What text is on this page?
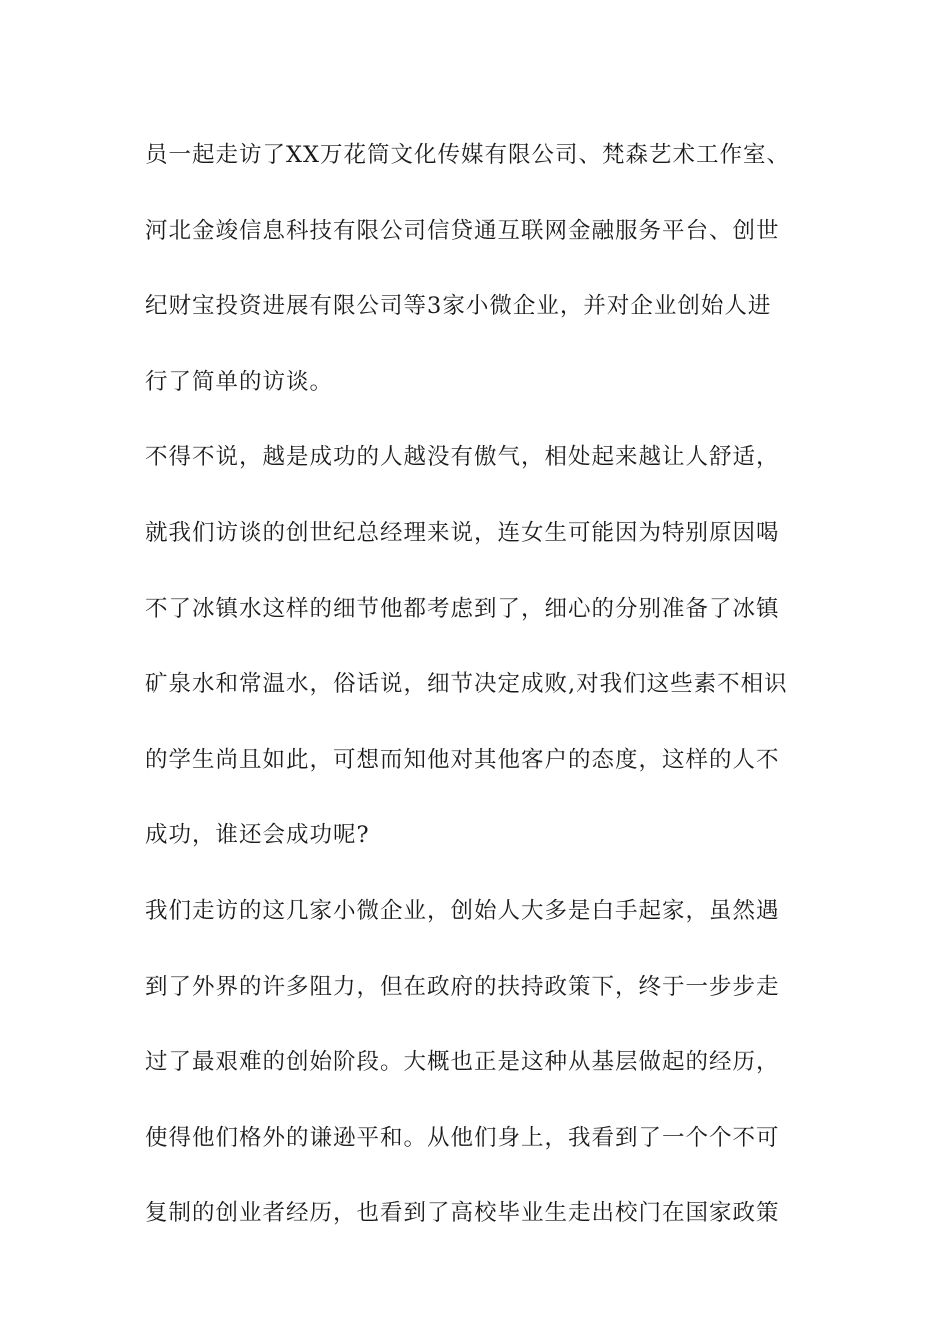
员一起走访了XX万花筒文化传媒有限公司、梵森艺术工作室、
河北金竣信息科技有限公司信贷通互联网金融服务平台、创世
纪财宝投资进展有限公司等3家小微企业，并对企业创始人进
行了简单的访谈。
不得不说，越是成功的人越没有傲气，相处起来越让人舒适，
就我们访谈的创世纪总经理来说，连女生可能因为特别原因喝
不了冰镇水这样的细节他都考虑到了，细心的分别准备了冰镇
矿泉水和常温水，俗话说，细节决定成败,对我们这些素不相识
的学生尚且如此，可想而知他对其他客户的态度，这样的人不
成功，谁还会成功呢?
我们走访的这几家小微企业，创始人大多是白手起家，虽然遇
到了外界的许多阻力，但在政府的扶持政策下，终于一步步走
过了最艰难的创始阶段。大概也正是这种从基层做起的经历，
使得他们格外的谦逊平和。从他们身上，我看到了一个个不可
复制的创业者经历，也看到了高校毕业生走出校门在国家政策
